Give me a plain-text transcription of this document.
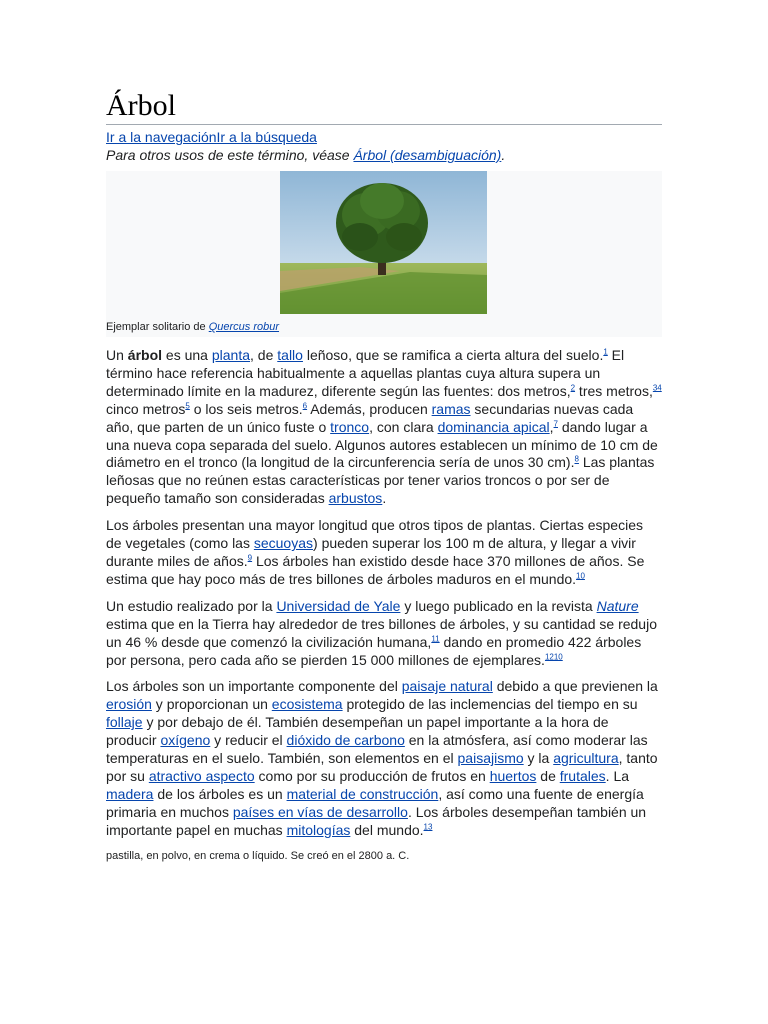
Árbol
Ir a la navegaciónIr a la búsqueda
Para otros usos de este término, véase Árbol (desambiguación).
Ejemplar solitario de Quercus robur

Un árbol es una planta, de tallo leñoso, que se ramifica a cierta altura del suelo.$^1$ El término hace referencia habitualmente a aquellas plantas cuya altura supera un determinado límite en la madurez, diferente según las fuentes: dos metros,$^2$ tres metros,$^{34}$ cinco metros$^5$ o los seis metros.$^6$ Además, producen ramas secundarias nuevas cada año, que parten de un único fuste o tronco, con clara dominancia apical,$^7$ dando lugar a una nueva copa separada del suelo. Algunos autores establecen un mínimo de 10 cm de diámetro en el tronco (la longitud de la circunferencia sería de unos 30 cm).$^8$ Las plantas leñosas que no reúnen estas características por tener varios troncos o por ser de pequeño tamaño son consideradas arbustos.

Los árboles presentan una mayor longitud que otros tipos de plantas. Ciertas especies de vegetales (como las secuoyas) pueden superar los 100 m de altura, y llegar a vivir durante miles de años.$^9$ Los árboles han existido desde hace 370 millones de años. Se estima que hay poco más de tres billones de árboles maduros en el mundo.$^{10}$

Un estudio realizado por la Universidad de Yale y luego publicado en la revista Nature estima que en la Tierra hay alrededor de tres billones de árboles, y su cantidad se redujo un 46 % desde que comenzó la civilización humana,$^{11}$ dando en promedio 422 árboles por persona, pero cada año se pierden 15 000 millones de ejemplares.$^{1210}$

Los árboles son un importante componente del paisaje natural debido a que previenen la erosión y proporcionan un ecosistema protegido de las inclemencias del tiempo en su follaje y por debajo de él. También desempeñan un papel importante a la hora de producir oxígeno y reducir el dióxido de carbono en la atmósfera, así como moderar las temperaturas en el suelo. También, son elementos en el paisajismo y la agricultura, tanto por su atractivo aspecto como por su producción de frutos en huertos de frutales. La madera de los árboles es un material de construcción, así como una fuente de energía primaria en muchos países en vías de desarrollo. Los árboles desempeñan también un importante papel en muchas mitologías del mundo.$^{13}$

pastilla, en polvo, en crema o líquido. Se creó en el 2800 a. C.
